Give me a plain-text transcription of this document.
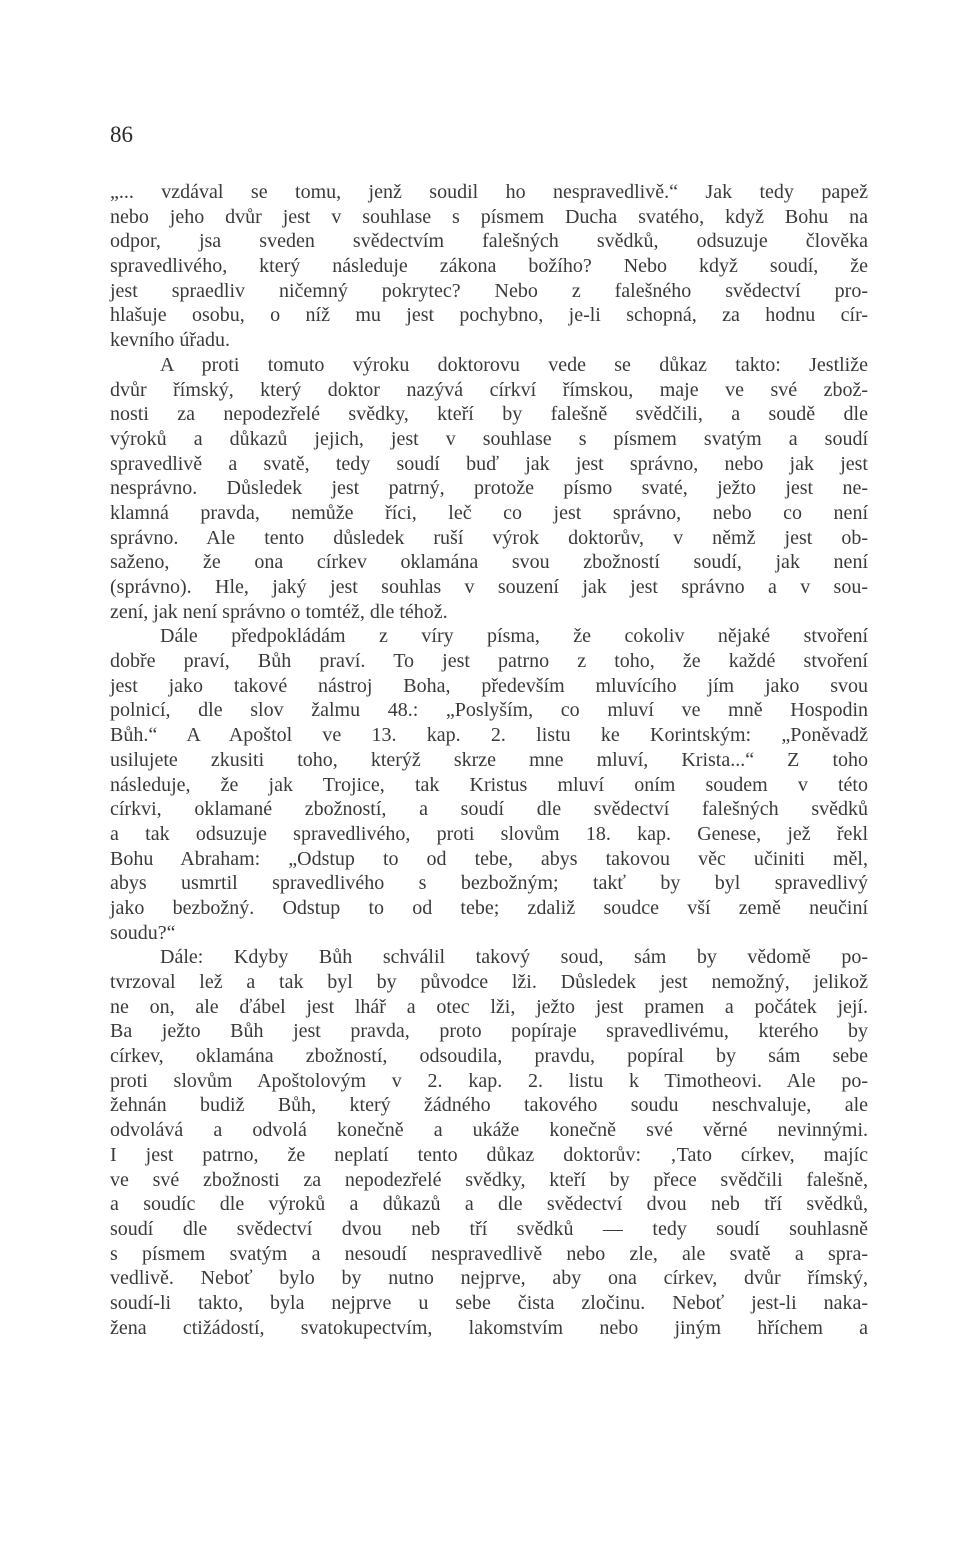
86
„... vzdával se tomu, jenž soudil ho nespravedlivě.“ Jak tedy papež
nebo jeho dvůr jest v souhlase s písmem Ducha svatého, když Bohu na
odpor, jsa sveden svědectvím falešných svědků, odsuzuje člověka
spravedlivého, který následuje zákona božího? Nebo když soudí, že
jest spraedliv ničemný pokrytec? Nebo z falešného svědectví pro-
hlašuje osobu, o níž mu jest pochybno, je-li schopná, za hodnu cír-
kevního úřadu.
A proti tomuto výroku doktorovu vede se důkaz takto: Jestliže
dvůr římský, který doktor nazývá církví římskou, maje ve své zbož-
nosti za nepodezřelé svědky, kteří by falešně svědčili, a soudě dle
výroků a důkazů jejich, jest v souhlase s písmem svatým a soudí
spravedlivě a svatě, tedy soudí buď jak jest správno, nebo jak jest
nesprávno. Důsledek jest patrný, protože písmo svaté, ježto jest ne-
klamná pravda, nemůže říci, leč co jest správno, nebo co není
správno. Ale tento důsledek ruší výrok doktorův, v němž jest ob-
saženo, že ona církev oklamána svou zbožností soudí, jak není
(správno). Hle, jaký jest souhlas v souzení jak jest správno a v sou-
zení, jak není správno o tomtéž, dle téhož.
Dále předpokládám z víry písma, že cokoliv nějaké stvoření
dobře praví, Bůh praví. To jest patrno z toho, že každé stvoření
jest jako takové nástroj Boha, především mluvícího jím jako svou
polnicí, dle slov žalmu 48.: „Poslyším, co mluví ve mně Hospodin
Bůh.“ A Apoštol ve 13. kap. 2. listu ke Korintským: „Poněvadž
usilujete zkusiti toho, kterýž skrze mne mluví, Krista...“ Z toho
následuje, že jak Trojice, tak Kristus mluví oním soudem v této
církvi, oklamané zbožností, a soudí dle svědectví falešných svědků
a tak odsuzuje spravedlivého, proti slovům 18. kap. Genese, jež řekl
Bohu Abraham: „Odstup to od tebe, abys takovou věc učiniti měl,
abys usmrtil spravedlivého s bezbožným; takť by byl spravedlivý
jako bezbožný. Odstup to od tebe; zdaliž soudce vší země neučiní
soudu?“
Dále: Kdyby Bůh schválil takový soud, sám by vědomě po-
tvrzoval lež a tak byl by původce lži. Důsledek jest nemožný, jelikož
ne on, ale ďábel jest lhář a otec lži, ježto jest pramen a počátek její.
Ba ježto Bůh jest pravda, proto popíraje spravedlivému, kterého by
církev, oklamána zbožností, odsoudila, pravdu, popíral by sám sebe
proti slovům Apoštolovým v 2. kap. 2. listu k Timotheovi. Ale po-
žehnán budiž Bůh, který žádného takového soudu neschvaluje, ale
odvolává a odvolá konečně a ukáže konečně své věrné nevinnými.
I jest patrno, že neplatí tento důkaz doktorův: ‚Tato církev, majíc
ve své zbožnosti za nepodezřelé svědky, kteří by přece svědčili falešně,
a soudíc dle výroků a důkazů a dle svědectví dvou neb tří svědků,
soudí dle svědectví dvou neb tří svědků — tedy soudí souhlasně
s písmem svatým a nesoudí nespravedlivě nebo zle, ale svatě a spra-
vedlivě. Neboť bylo by nutno nejprve, aby ona církev, dvůr římský,
soudí-li takto, byla nejprve u sebe čista zločinu. Neboť jest-li naka-
žena ctižádostí, svatokupectvím, lakomstvím nebo jiným hříchem a
